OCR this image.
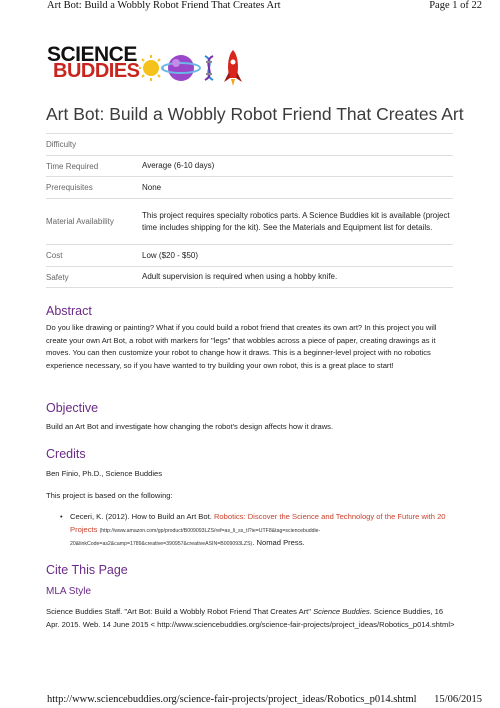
Art Bot: Build a Wobbly Robot Friend That Creates Art	Page 1 of 22
SCIENCE
BUDDIES
Art Bot: Build a Wobbly Robot Friend That Creates Art
Difficulty	
Time Required	Average (6-10 days)
Prerequisites	None
Material Availability	This project requires specialty robotics parts. A Science Buddies kit is available (project time includes shipping for the kit). See the Materials and Equipment list for details.
Cost	Low ($20 - $50)
Safety	Adult supervision is required when using a hobby knife.
Abstract
Do you like drawing or painting? What if you could build a robot friend that creates its own art? In this project you will create your own Art Bot, a robot with markers for "legs" that wobbles across a piece of paper, creating drawings as it moves. You can then customize your robot to change how it draws. This is a beginner-level project with no robotics experience necessary, so if you have wanted to try building your own robot, this is a great place to start!
Objective
Build an Art Bot and investigate how changing the robot's design affects how it draws.
Credits
Ben Finio, Ph.D., Science Buddies
This project is based on the following:
• Ceceri, K. (2012). How to Build an Art Bot. Robotics: Discover the Science and Technology of the Future with 20 Projects (http://www.amazon.com/gp/product/B009093LZS/ref=as_li_ss_tl?ie=UTF8&tag=sciencebuddie-20&linkCode=as2&camp=1789&creative=390957&creativeASIN=B009093LZS). Nomad Press.
Cite This Page
MLA Style
Science Buddies Staff. "Art Bot: Build a Wobbly Robot Friend That Creates Art" Science Buddies. Science Buddies, 16 Apr. 2015. Web. 14 June 2015 < http://www.sciencebuddies.org/science-fair-projects/project_ideas/Robotics_p014.shtml>
http://www.sciencebuddies.org/science-fair-projects/project_ideas/Robotics_p014.shtml 15/06/2015
